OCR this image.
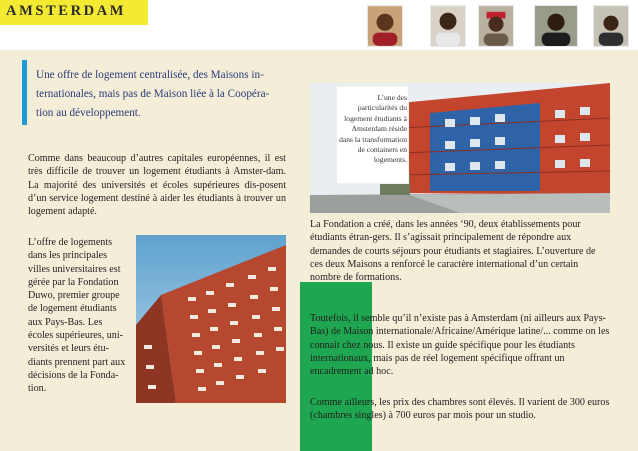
AMSTERDAM
Une offre de logement centralisée, des Maisons in-ternationales, mais pas de Maison liée à la Coopéra-tion au développement.
Comme dans beaucoup d’autres capitales européennes, il est très difficile de trouver un logement étudiants à Amster-dam. La majorité des universités et écoles supérieures dis-posent d’un service logement destiné à aider les étudiants à trouver un logement adapté.
L’offre de logements dans les principales villes universitaires est gérée par la Fondation Duwo, premier groupe de logement étudiants aux Pays-Bas. Les écoles supérieures, uni-versités et leurs étu-diants prennent part aux décisions de la Fonda-tion.
L’une des particularités du logement étudiants à Amsterdam réside dans la transformation de containers en logements.
La Fondation a créé, dans les années ‘90, deux établissements pour étudiants étran-gers. Il s’agissait principalement de répondre aux demandes de courts séjours pour étudiants et stagiaires. L’ouverture de ces deux Maisons a renforcé le caractère international d’un certain nombre de formations.
Toutefois, il semble qu’il n’existe pas à Amsterdam (ni ailleurs aux Pays-Bas) de Maison internationale/Africaine/Amérique latine/... comme on les connait chez nous. Il existe un guide spécifique pour les étudiants internationaux, mais pas de réel logement spécifique offrant un encadrement ad hoc.
Comme ailleurs, les prix des chambres sont élevés. Il varient de 300 euros (chambres singles) à 700 euros par mois pour un studio.
